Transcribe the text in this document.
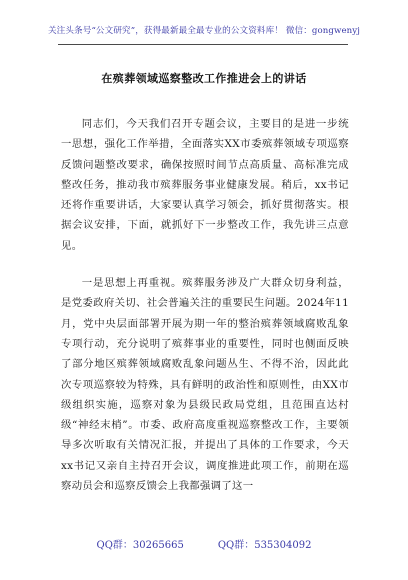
关注头条号“公文研究”，获得最新最全最专业的公文资料库！ 微信：gongwenyj
在殡葬领域巡察整改工作推进会上的讲话

同志们，今天我们召开专题会议，主要目的是进一步统一思想，强化工作举措，全面落实XX市委殡葬领域专项巡察反馈问题整改要求，确保按照时间节点高质量、高标准完成整改任务，推动我市殡葬服务事业健康发展。稍后，xx书记还将作重要讲话，大家要认真学习领会，抓好贯彻落实。根据会议安排，下面，就抓好下一步整改工作，我先讲三点意见。

一是思想上再重视。殡葬服务涉及广大群众切身利益，是党委政府关切、社会普遍关注的重要民生问题。2024年11月，党中央层面部署开展为期一年的整治殡葬领域腐败乱象专项行动，充分说明了殡葬事业的重要性，同时也侧面反映了部分地区殡葬领域腐败乱象问题丛生、不得不治，因此此次专项巡察较为特殊，具有鲜明的政治性和原则性，由XX市级组织实施，巡察对象为县级民政局党组，且范围直达村级“神经末梢”。市委、政府高度重视巡察整改工作，主要领导多次听取有关情况汇报，并提出了具体的工作要求，今天xx书记又亲自主持召开会议，调度推进此项工作，前期在巡察动员会和巡察反馈会上我都强调了这一

QQ群：30265665	QQ群：535304092
